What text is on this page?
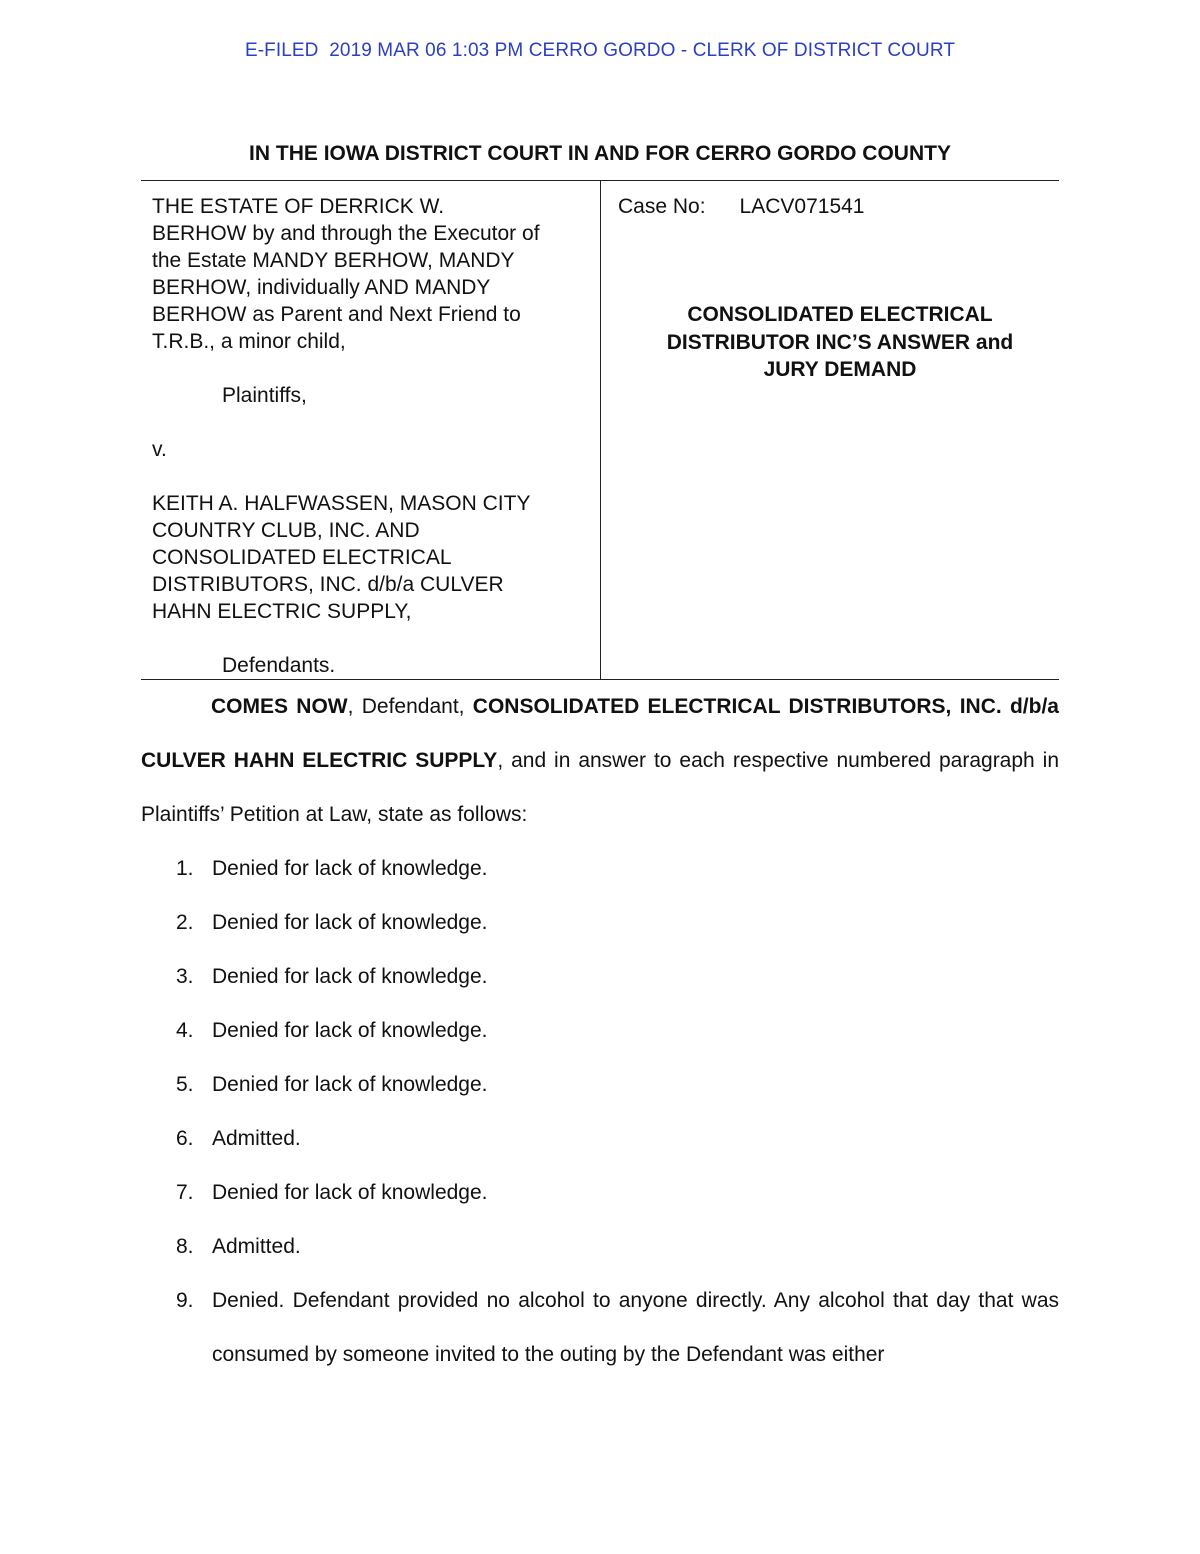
E-FILED  2019 MAR 06 1:03 PM CERRO GORDO - CLERK OF DISTRICT COURT
IN THE IOWA DISTRICT COURT IN AND FOR CERRO GORDO COUNTY

THE ESTATE OF DERRICK W.

BERHOW by and through the Executor of

the Estate MANDY BERHOW, MANDY

BERHOW, individually AND MANDY

BERHOW as Parent and Next Friend to

T.R.B., a minor child,

Plaintiffs,

v.

KEITH A. HALFWASSEN, MASON CITY

COUNTRY CLUB, INC. AND

CONSOLIDATED ELECTRICAL

DISTRIBUTORS, INC. d/b/a CULVER

HAHN ELECTRIC SUPPLY,

Defendants.

Case No: LACV071541

CONSOLIDATED ELECTRICAL

DISTRIBUTOR INC’S ANSWER and

JURY DEMAND

COMES NOW, Defendant, CONSOLIDATED ELECTRICAL DISTRIBUTORS, INC. d/b/a CULVER HAHN ELECTRIC SUPPLY, and in answer to each respective numbered paragraph in Plaintiffs’ Petition at Law, state as follows:

1. Denied for lack of knowledge.
2. Denied for lack of knowledge.
3. Denied for lack of knowledge.
4. Denied for lack of knowledge.
5. Denied for lack of knowledge.
6. Admitted.
7. Denied for lack of knowledge.
8. Admitted.
9. Denied. Defendant provided no alcohol to anyone directly. Any alcohol that day that was consumed by someone invited to the outing by the Defendant was either
